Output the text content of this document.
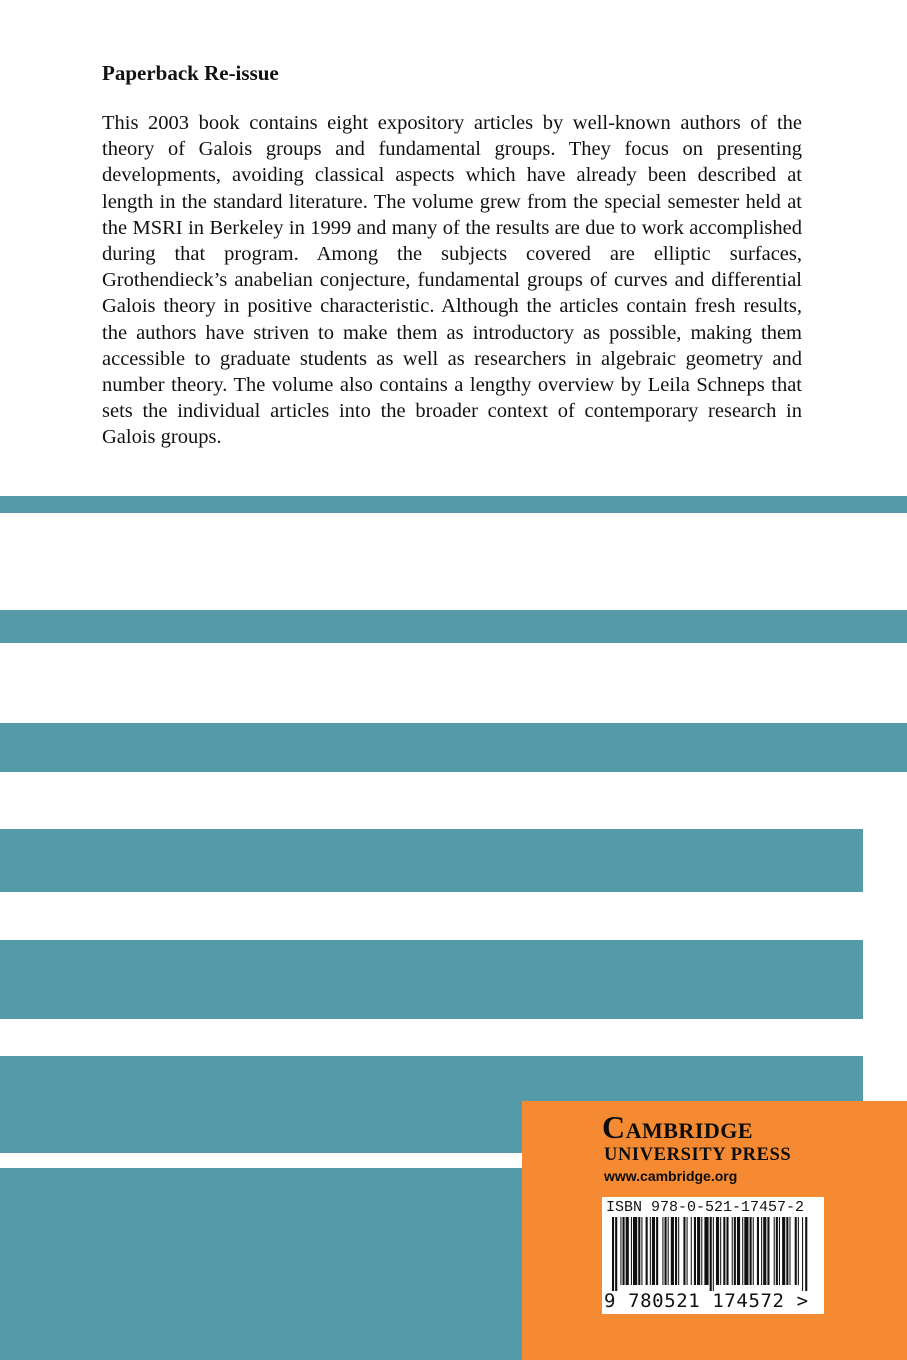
Paperback Re-issue
This 2003 book contains eight expository articles by well-known authors of the theory of Galois groups and fundamental groups. They focus on presenting developments, avoiding classical aspects which have already been described at length in the standard literature. The volume grew from the special semester held at the MSRI in Berkeley in 1999 and many of the results are due to work accomplished during that program. Among the subjects covered are elliptic surfaces, Grothendieck’s anabelian conjecture, fundamental groups of curves and differential Galois theory in positive characteristic. Although the articles contain fresh results, the authors have striven to make them as introductory as possible, making them accessible to graduate students as well as researchers in algebraic geometry and number theory. The volume also contains a lengthy overview by Leila Schneps that sets the individual articles into the broader context of contemporary research in Galois groups.
Cambridge
UNIVERSITY PRESS
www.cambridge.org
ISBN 978-0-521-17457-2
9 780521 174572 >
